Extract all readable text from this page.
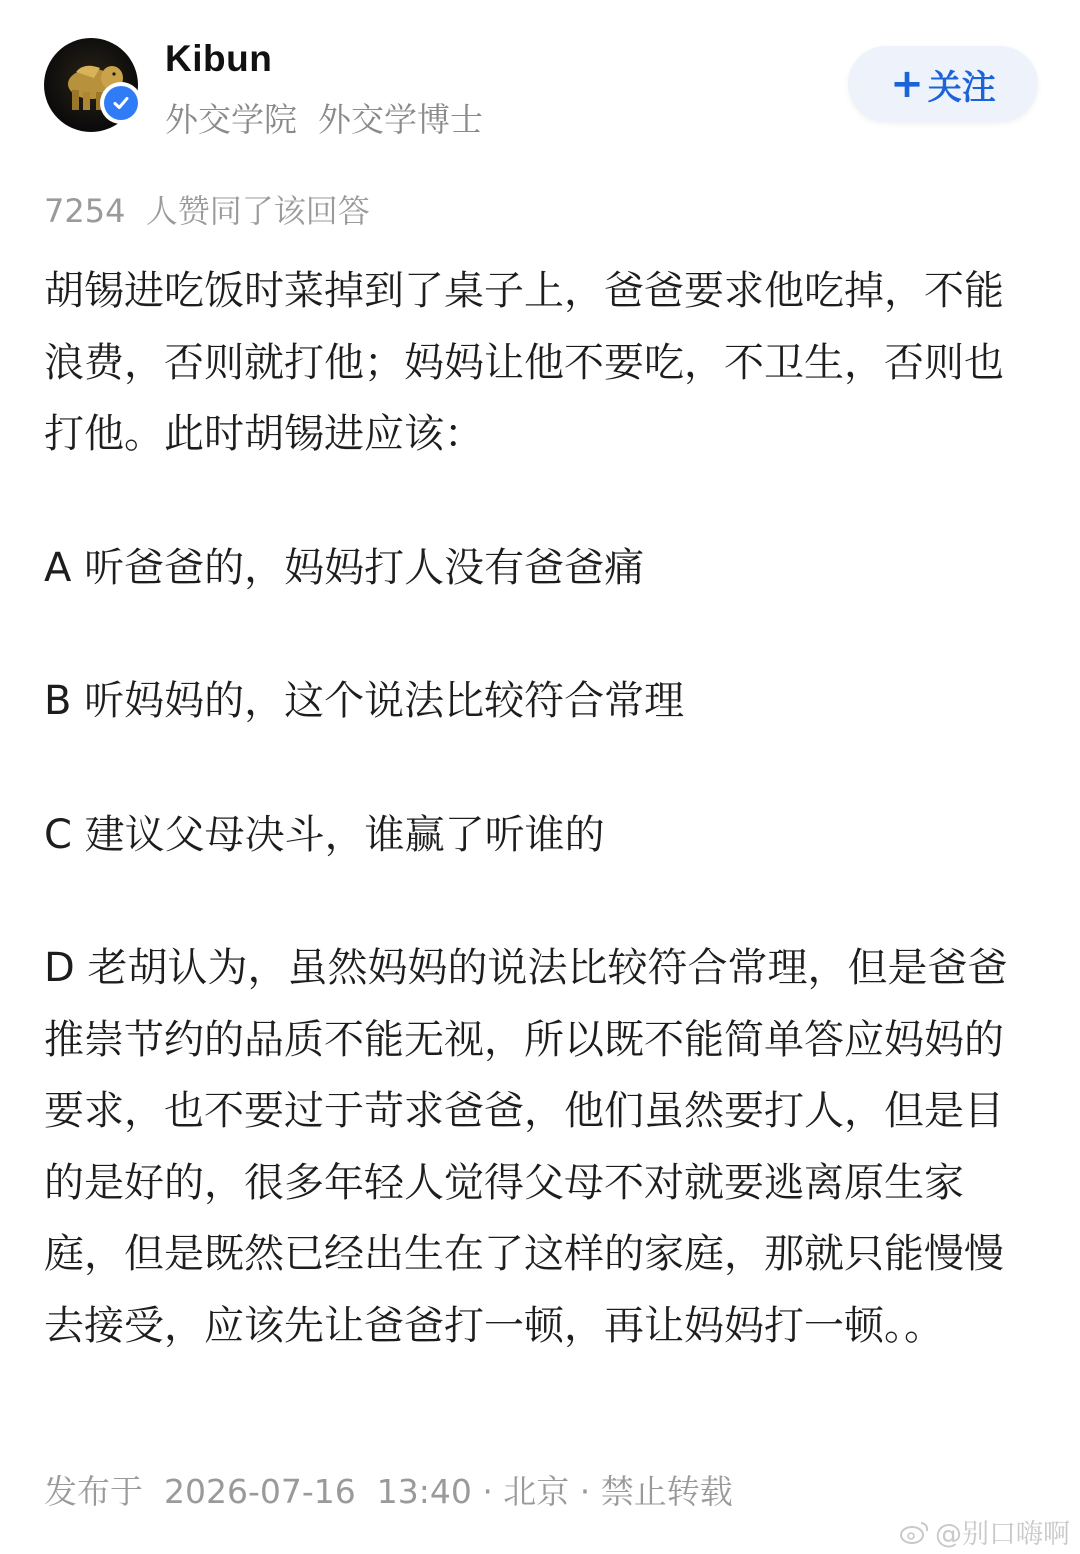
Kibun
外交学院  外交学博士
+ 关注
7254  人赞同了该回答

胡锡进吃饭时菜掉到了桌子上，爸爸要求他吃掉，不能浪费，否则就打他；妈妈让他不要吃，不卫生，否则也打他。此时胡锡进应该：

A 听爸爸的，妈妈打人没有爸爸痛

B 听妈妈的，这个说法比较符合常理

C 建议父母决斗，谁赢了听谁的

D 老胡认为，虽然妈妈的说法比较符合常理，但是爸爸推崇节约的品质不能无视，所以既不能简单答应妈妈的要求，也不要过于苛求爸爸，他们虽然要打人，但是目的是好的，很多年轻人觉得父母不对就要逃离原生家庭，但是既然已经出生在了这样的家庭，那就只能慢慢去接受，应该先让爸爸打一顿，再让妈妈打一顿。。

发布于  2026-07-16  13:40 · 北京 · 禁止转载
@别口嗨啊
